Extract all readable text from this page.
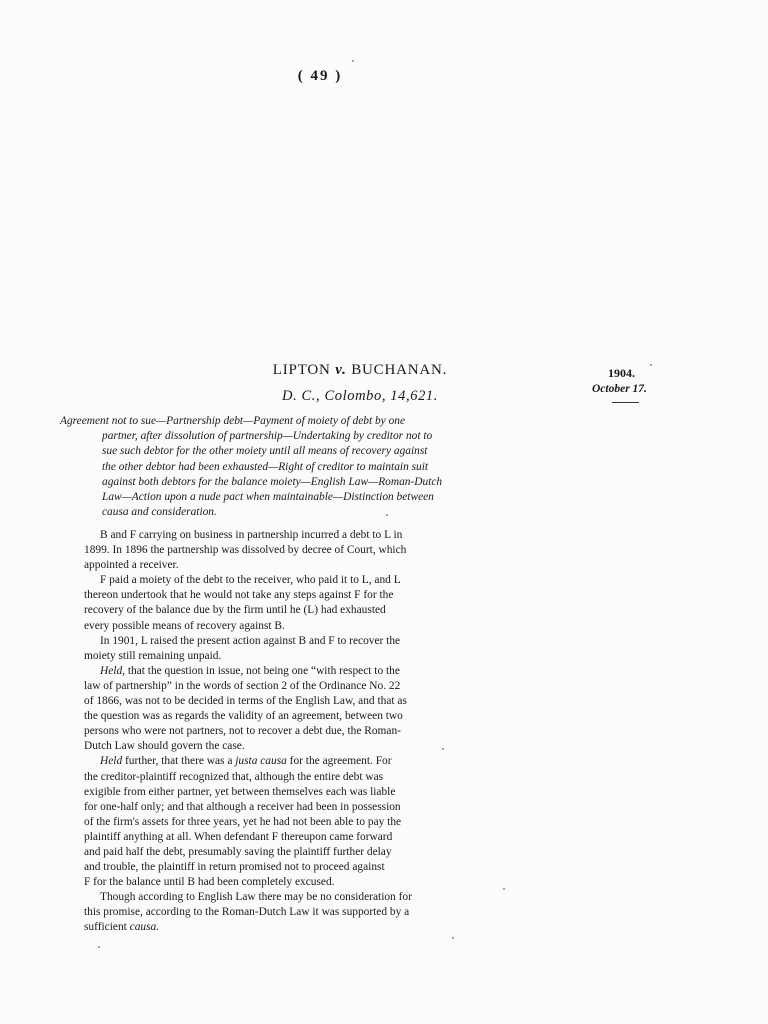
( 49 )
LIPTON v. BUCHANAN.
D. C., Colombo, 14,621.
1904.
October 17.
Agreement not to sue—Partnership debt—Payment of moiety of debt by one
partner, after dissolution of partnership—Undertaking by creditor not to
sue such debtor for the other moiety until all means of recovery against
the other debtor had been exhausted—Right of creditor to maintain suit
against both debtors for the balance moiety—English Law—Roman-Dutch
Law—Action upon a nude pact when maintainable—Distinction between
causa and consideration.
B and F carrying on business in partnership incurred a debt to L in
1899. In 1896 the partnership was dissolved by decree of Court, which
appointed a receiver.
F paid a moiety of the debt to the receiver, who paid it to L, and L
thereon undertook that he would not take any steps against F for the
recovery of the balance due by the firm until he (L) had exhausted
every possible means of recovery against B.
In 1901, L raised the present action against B and F to recover the
moiety still remaining unpaid.
Held, that the question in issue, not being one “with respect to the
law of partnership” in the words of section 2 of the Ordinance No. 22
of 1866, was not to be decided in terms of the English Law, and that as
the question was as regards the validity of an agreement, between two
persons who were not partners, not to recover a debt due, the Roman-
Dutch Law should govern the case.
Held further, that there was a justa causa for the agreement. For
the creditor-plaintiff recognized that, although the entire debt was
exigible from either partner, yet between themselves each was liable
for one-half only; and that although a receiver had been in possession
of the firm's assets for three years, yet he had not been able to pay the
plaintiff anything at all. When defendant F thereupon came forward
and paid half the debt, presumably saving the plaintiff further delay
and trouble, the plaintiff in return promised not to proceed against
F for the balance until B had been completely excused.
Though according to English Law there may be no consideration for
this promise, according to the Roman-Dutch Law it was supported by a
sufficient causa.
